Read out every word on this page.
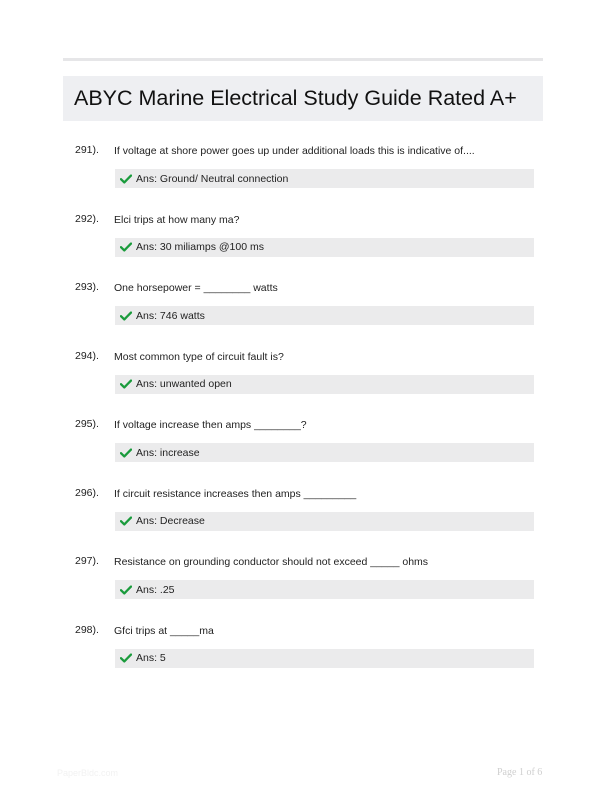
ABYC Marine Electrical Study Guide Rated A+
291). If voltage at shore power goes up under additional loads this is indicative of....
Ans: Ground/ Neutral connection
292). Elci trips at how many ma?
Ans: 30 miliamps @100 ms
293). One horsepower = ________ watts
Ans: 746 watts
294). Most common type of circuit fault is?
Ans: unwanted open
295). If voltage increase then amps ________?
Ans: increase
296). If circuit resistance increases then amps _________
Ans: Decrease
297). Resistance on grounding conductor should not exceed _____ ohms
Ans: .25
298). Gfci trips at _____ma
Ans: 5
PaperBldc.com	Page 1 of 6
